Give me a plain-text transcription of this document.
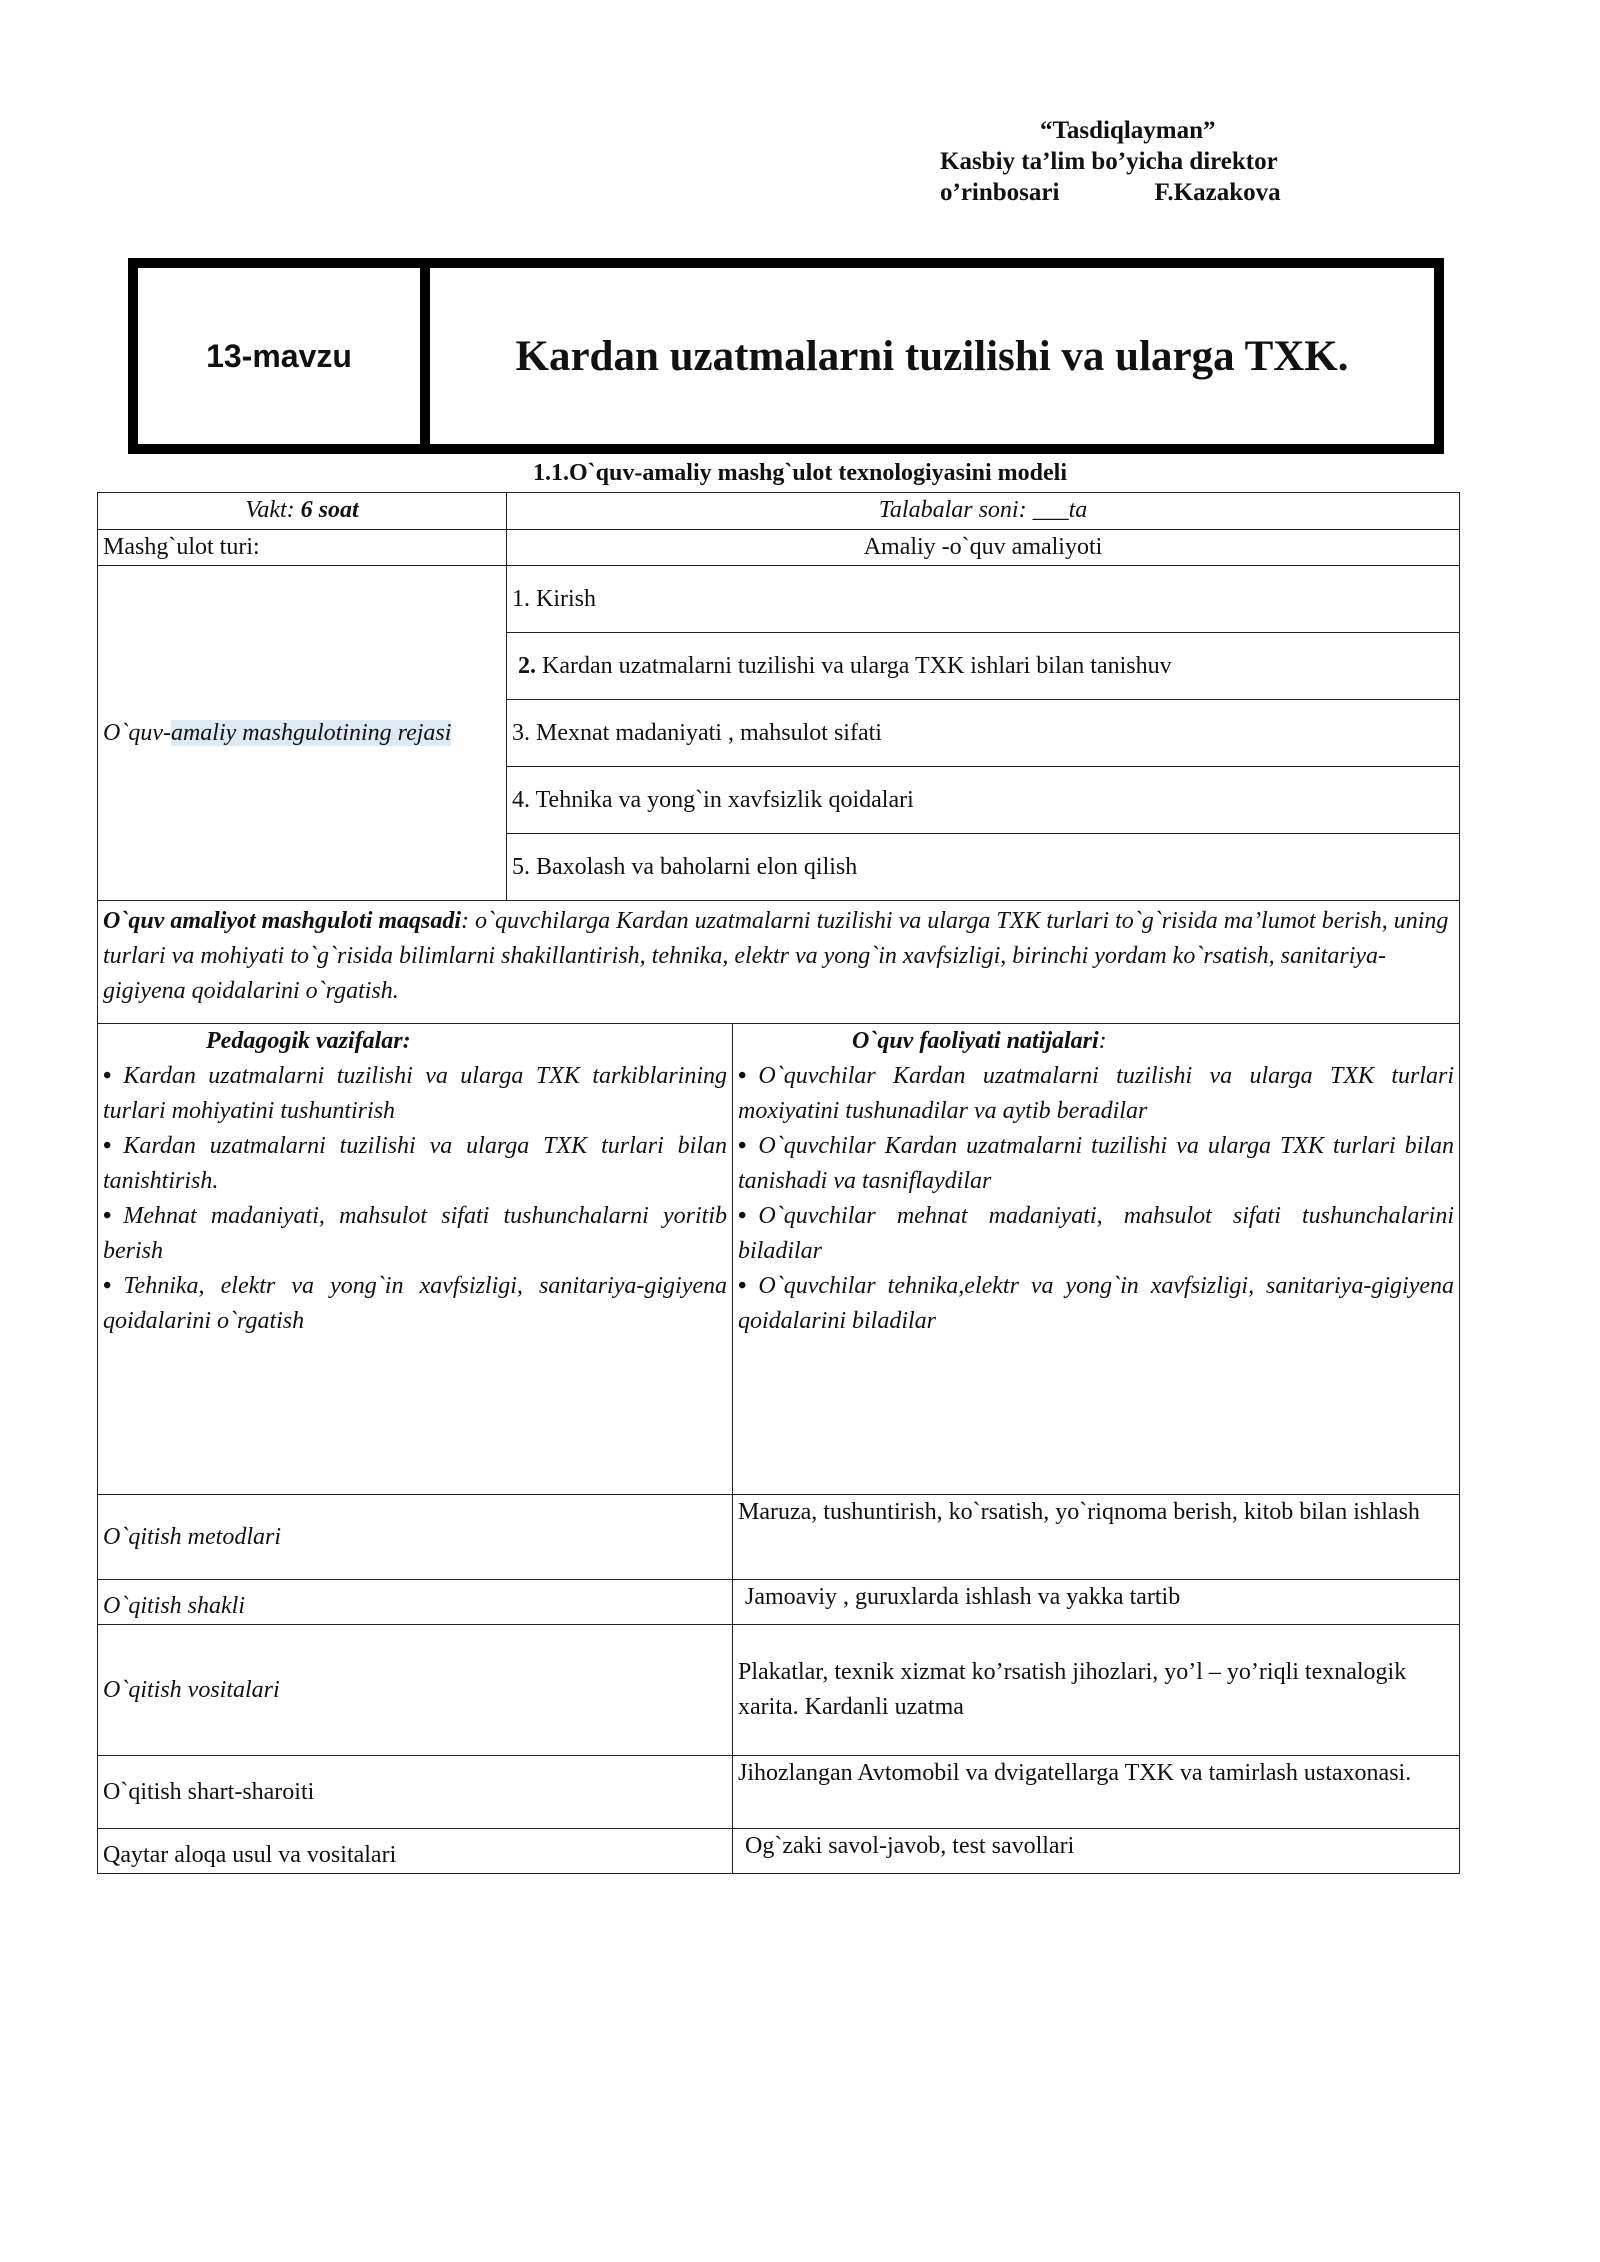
“Tasdiqlayman”
Kasbiy ta’lim bo’yicha direktor
o’rinbosari	F.Kazakova
13-mavzu	Kardan uzatmalarni tuzilishi va ularga TXK.
1.1.O`quv-amaliy mashg`ulot texnologiyasini modeli
Vakt: 6 soat	Talabalar soni: ___ta
Mashg`ulot turi:	Amaliy -o`quv amaliyoti
O`quv-amaliy mashgulotining rejasi	
1. Kirish
2. Kardan uzatmalarni tuzilishi va ularga TXK ishlari bilan tanishuv
3. Mexnat madaniyati , mahsulot sifati
4. Tehnika va yong`in xavfsizlik qoidalari
5. Baxolash va baholarni elon qilish

O`quv amaliyot mashguloti maqsadi: o`quvchilarga Kardan uzatmalarni tuzilishi va ularga TXK turlari to`g`risida ma’lumot berish, uning turlari va mohiyati to`g`risida bilimlarni shakillantirish, tehnika, elektr va yong`in xavfsizligi, birinchi yordam ko`rsatish, sanitariya-gigiyena qoidalarini o`rgatish.

Pedagogik vazifalar:
• Kardan uzatmalarni tuzilishi va ularga TXK tarkiblarining turlari mohiyatini tushuntirish
• Kardan uzatmalarni tuzilishi va ularga TXK turlari bilan tanishtirish.
• Mehnat madaniyati, mahsulot sifati tushunchalarni yoritib berish
• Tehnika, elektr va yong`in xavfsizligi, sanitariya-gigiyena qoidalarini o`rgatish

O`quv faoliyati natijalari:
• O`quvchilar Kardan uzatmalarni tuzilishi va ularga TXK turlari moxiyatini tushunadilar va aytib beradilar
• O`quvchilar Kardan uzatmalarni tuzilishi va ularga TXK turlari bilan tanishadi va tasniflaydilar
• O`quvchilar mehnat madaniyati, mahsulot sifati tushunchalarini biladilar
• O`quvchilar tehnika,elektr va yong`in xavfsizligi, sanitariya-gigiyena qoidalarini biladilar

O`qitish metodlari	Maruza, tushuntirish, ko`rsatish, yo`riqnoma berish, kitob bilan ishlash
O`qitish shakli	Jamoaviy , guruxlarda ishlash va yakka tartib
O`qitish vositalari	Plakatlar, texnik xizmat ko’rsatish jihozlari, yo’l – yo’riqli texnalogik xarita. Kardanli uzatma
O`qitish shart-sharoiti	Jihozlangan Avtomobil va dvigatellarga TXK va tamirlash ustaxonasi.
Qaytar aloqa usul va vositalari	Og`zaki savol-javob, test savollari
